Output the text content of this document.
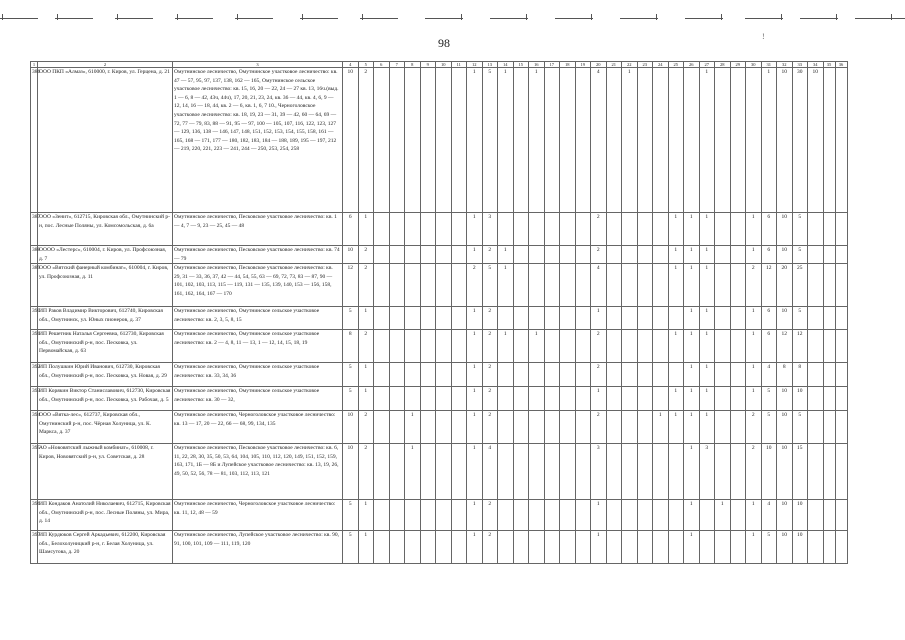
98	!
1	2	3	4	5	6	7	8	9	10	11	12	13	14	15	16	17	18	19	20	21	22	23	24	25	26	27	28	29	30	31	32	33	34	35	36
386	ООО ПКП «Алмаз», 610000, г. Киров, ул. Герцена, д. 21	Омутнинское лесничество, Омутнинское участковое лесничество: кв. 47 — 57, 95, 97, 137, 138, 162 — 165, Омутнинское сельское участковое лесничество: кв. 15, 16, 20 — 22, 24 — 27 кв. 13, 16ч.(выд. 1 — 6, 8 — 42, 43ч, 44ч), 17, 20, 21, 23, 24, кв. 36 — 44, кв. 4, 6, 9 — 12, 14, 16 — 18, 44, кв. 2 — 6, кв. 1, 6, 7 10., Черноголовское участковое лесничество: кв. 18, 19, 23 — 31, 39 — 42, 60 — 64, 69 — 72, 77 — 79, 83, 88 — 91, 95 — 97, 100 — 105, 107, 116, 122, 123, 127 — 129, 136, 138 — 146, 147, 148, 151, 152, 153, 154, 155, 158, 161 — 165, 168 — 171, 177 — 180, 182, 183, 184 — 188, 189, 195 — 197, 212 — 219, 220, 221, 223 — 241, 244 — 250, 253, 254, 258	10	2							1	5	1		1				4		1					1				1	10	30	10		
387	ООО «Зенит», 612715, Кировская обл., Омутнинский р-н, пос. Лесные Поляны, ул. Комсомольская, д. 6а	Омутнинское лесничество, Песковское участковое лесничество: кв. 1 — 4, 7 — 9, 23 — 25, 45 — 48	6	1							1	3							2					1	1	1			1	6	10	5			
388	ОООО «Лестерс», 610004, г. Киров, ул. Профсоюзная, д. 7	Омутнинское лесничество, Песковское участковое лесничество: кв. 74 — 79	10	2							1	2	1						2					1	1	1			1	6	10	5			
389	ООО «Вятский фанерный комбинат», 610004, г. Киров, ул. Профсоюзная, д. 11	Омутнинское лесничество, Песковское участковое лесничество: кв. 29, 31 — 33, 36, 37, 42 — 44, 54, 55, 63 — 69, 72, 73, 83 — 87, 90 — 101, 102, 103, 113, 115 — 119, 131 — 135, 139, 140, 153 — 156, 158, 161, 162, 164, 167 — 170	12	2							2	5	1						4					1	1	1			2	12	20	25			
390	ИП Раков Владимир Викторович, 612740, Кировская обл., Омутнинск, ул. Юных пионеров, д. 37	Омутнинское лесничество, Омутнинское сельское участковое лесничество: кв. 2, 3, 5, 8, 15	5	1							1	2							1						1	1			1	6	10	5			
391	ИП Решетник Наталья Сергеевна, 612730, Кировская обл., Омутнинский р-н, пос. Песковка, ул. Первомайская, д. 63	Омутнинское лесничество, Омутнинское сельское участковое лесничество: кв. 2 — 4, 8, 11 — 13, 1 — 12, 14, 15, 18, 19	8	2							1	2	1		1				2					1	1	1			1	6	12	12			
392	ИП Полушкин Юрий Иванович, 612730, Кировская обл., Омутнинский р-н, пос. Песковка, ул. Новая, д. 29	Омутнинское лесничество, Омутнинское сельское участковое лесничество: кв. 33, 34, 36	5	1							1	2							2						1	1			1	4	8	8			
393	ИП Корякин Виктор Станиславович, 612730, Кировская обл., Омутнинский р-н, пос. Песковка, ул. Рабочая, д. 5	Омутнинское лесничество, Омутнинское сельское участковое лесничество: кв. 30 — 32,	5	1							1	2							1					1	1	1			1	5	10	10			
394	ООО «Вятка-лес», 612737, Кировская обл., Омутнинский р-н, пос. Чёрная Холуница, ул. К. Маркса, д. 37	Омутнинское лесничество, Черноголовское участковое лесничество: кв. 13 — 17, 20 — 22, 66 — 68, 99, 134, 135	10	2			1				1	2							2				1	1	1	1			2	5	10	5			
395	АО «Нововятский лыжный комбинат», 610008, г. Киров, Нововятский р-н, ул. Советская, д. 28	Омутнинское лесничество, Песковское участковое лесничество: кв. 6, 11, 22, 28, 30, 35, 50, 53, 64, 104, 105, 110, 112, 120, 149, 151, 152, 159, 163, 171, 1Б — 8Б и Лупейское участковое лесничество: кв. 13, 19, 26, 49, 50, 52, 56, 78 — 81, 103, 112, 113, 121	10	2			1				1	4							3						1	3			2	10	10	15			
396	ИП Кондаков Анатолий Николаевич, 612715, Кировская обл., Омутнинский р-н, пос. Лесные Поляны, ул. Мира, д. 14	Омутнинское лесничество, Черноголовское участковое лесничество: кв. 11, 12, 48 — 59	5	1							1	2							1						1		1		1	4	10	10			
397	ИП Курдюков Сергей Аркадьевич, 612200, Кировская обл., Белохолуницкий р-н, г. Белая Холуница, ул. Шамсутова, д. 20	Омутнинское лесничество, Лупейское участковое лесничество: кв. 90, 91, 100, 101, 109 — 111, 119, 120	5	1							1	2							1						1				1	5	10	10			
